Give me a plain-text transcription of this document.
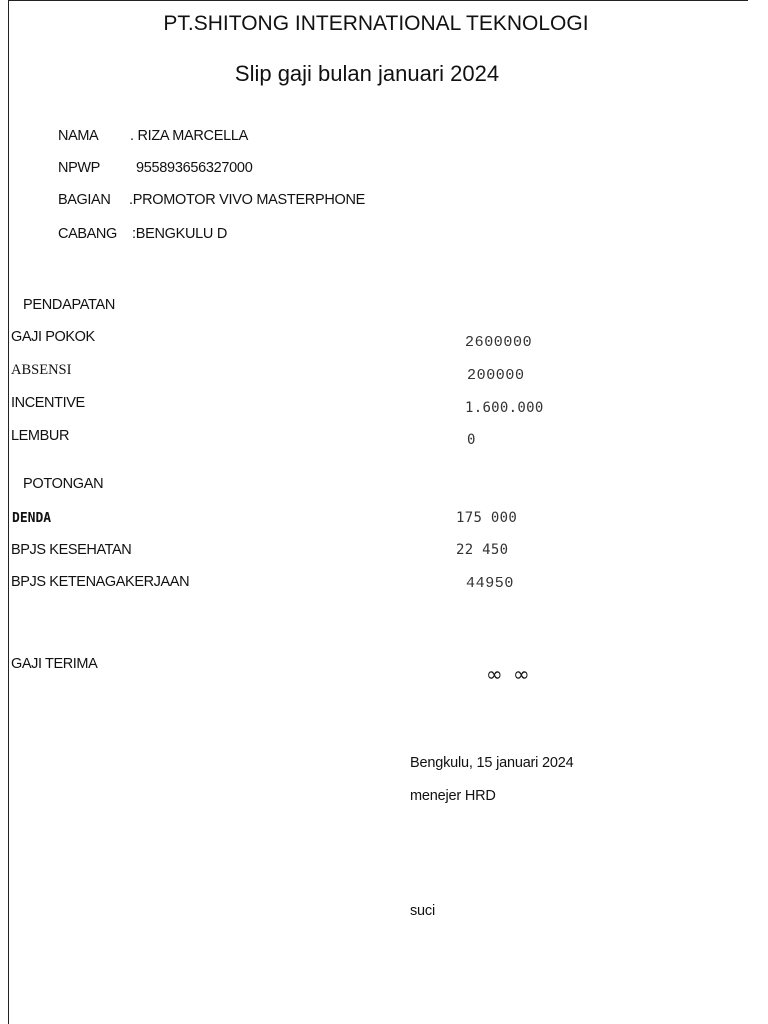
PT.SHITONG INTERNATIONAL TEKNOLOGI
Slip gaji bulan januari 2024
NAMA . RIZA MARCELLA
NPWP 955893656327000
BAGIAN .PROMOTOR VIVO MASTERPHONE
CABANG :BENGKULU D
PENDAPATAN
GAJI POKOK	2600000
ABSENSI	200000
INCENTIVE	1.600.000
LEMBUR	0
POTONGAN
DENDA	175 000
BPJS KESEHATAN	22 450
BPJS KETENAGAKERJAAN	44950
GAJI TERIMA	∞ ∞
Bengkulu, 15 januari 2024
menejer HRD
suci
